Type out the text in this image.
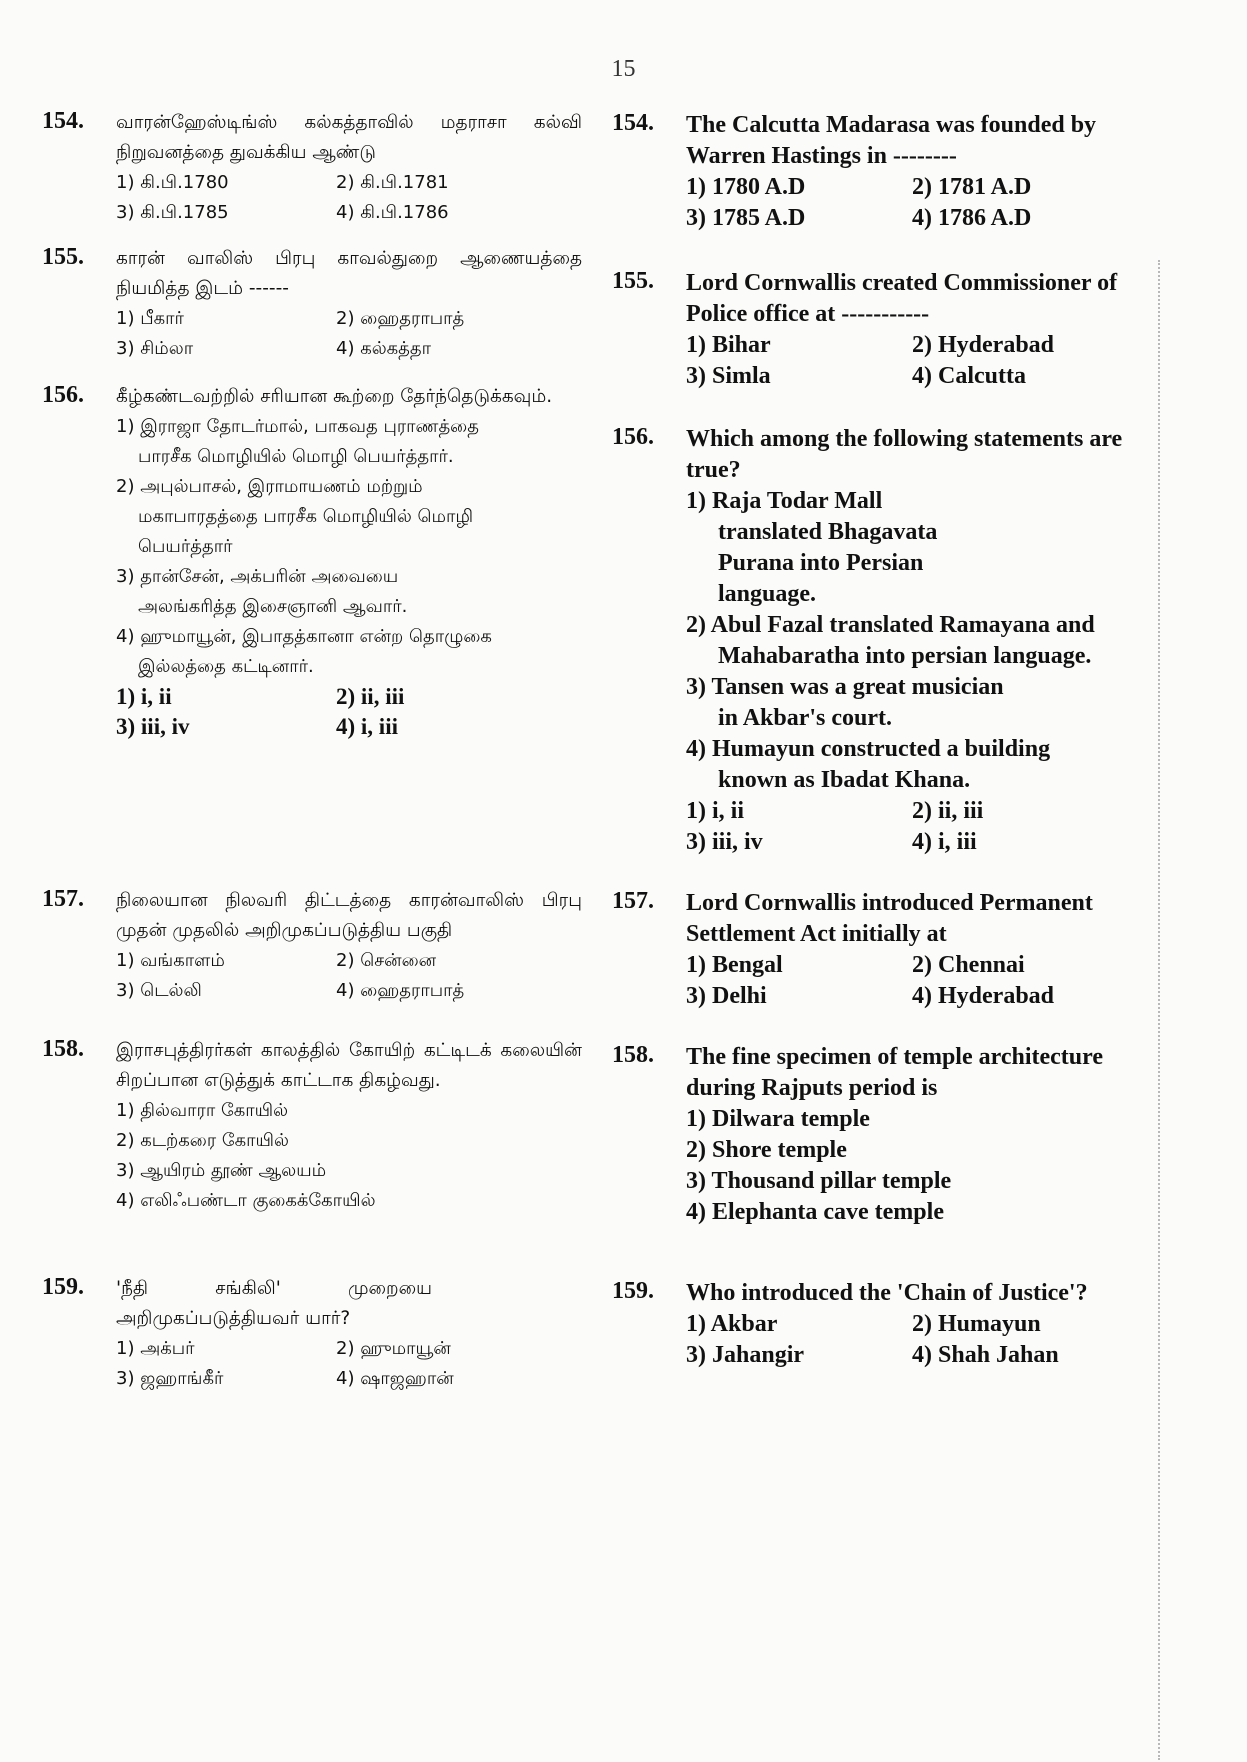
15
154. வாரன்ஹேஸ்டிங்ஸ் கல்கத்தாவில் மதராசா கல்வி நிறுவனத்தை துவக்கிய ஆண்டு
1) கி.பி.1780	2) கி.பி.1781
3) கி.பி.1785	4) கி.பி.1786
155. காரன் வாலிஸ் பிரபு காவல்துறை ஆணையத்தை நியமித்த இடம் ------
1) பீகார்	2) ஹைதராபாத்
3) சிம்லா	4) கல்கத்தா
156. கீழ்கண்டவற்றில் சரியான கூற்றை தேர்ந்தெடுக்கவும்.
1) இராஜா தோடர்மால், பாகவத புராணத்தை பாரசீக மொழியில் மொழி பெயர்த்தார்.
2) அபுல்பாசல், இராமாயணம் மற்றும் மகாபாரதத்தை பாரசீக மொழியில் மொழி பெயர்த்தார்
3) தான்சேன், அக்பரின் அவையை அலங்கரித்த இசைஞானி ஆவார்.
4) ஹுமாயூன், இபாதத்கானா என்ற தொழுகை இல்லத்தை கட்டினார்.
1) i, ii	2) ii, iii
3) iii, iv	4) i, iii
157. நிலையான நிலவரி திட்டத்தை காரன்வாலிஸ் பிரபு முதன் முதலில் அறிமுகப்படுத்திய பகுதி
1) வங்காளம்	2) சென்னை
3) டெல்லி	4) ஹைதராபாத்
158. இராசபுத்திரர்கள் காலத்தில் கோயிற் கட்டிடக் கலையின் சிறப்பான எடுத்துக் காட்டாக திகழ்வது.
1) தில்வாரா கோயில்
2) கடற்கரை கோயில்
3) ஆயிரம் தூண் ஆலயம்
4) எலிஃபண்டா குகைக்கோயில்
159. 'நீதி சங்கிலி' முறையை அறிமுகப்படுத்தியவர் யார்?
1) அக்பர்	2) ஹுமாயூன்
3) ஜஹாங்கீர்	4) ஷாஜஹான்
154. The Calcutta Madarasa was founded by Warren Hastings in --------
1) 1780 A.D	2) 1781 A.D
3) 1785 A.D	4) 1786 A.D
155. Lord Cornwallis created Commissioner of Police office at -----------
1) Bihar	2) Hyderabad
3) Simla	4) Calcutta
156. Which among the following statements are true?
1) Raja Todar Mall translated Bhagavata Purana into Persian language.
2) Abul Fazal translated Ramayana and Mahabaratha into persian language.
3) Tansen was a great musician in Akbar's court.
4) Humayun constructed a building known as Ibadat Khana.
1) i, ii	2) ii, iii
3) iii, iv	4) i, iii
157. Lord Cornwallis introduced Permanent Settlement Act initially at
1) Bengal	2) Chennai
3) Delhi	4) Hyderabad
158. The fine specimen of temple architecture during Rajputs period is
1) Dilwara temple
2) Shore temple
3) Thousand pillar temple
4) Elephanta cave temple
159. Who introduced the 'Chain of Justice'?
1) Akbar	2) Humayun
3) Jahangir	4) Shah Jahan
